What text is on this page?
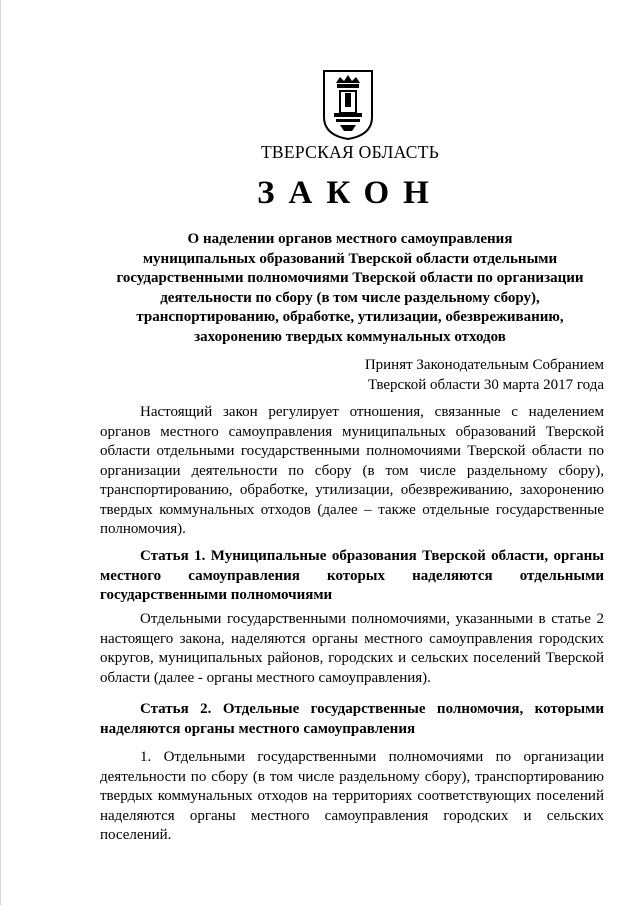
ТВЕРСКАЯ ОБЛАСТЬ
ЗАКОН
О наделении органов местного самоуправления
муниципальных образований Тверской области отдельными
государственными полномочиями Тверской области по организации
деятельности по сбору (в том числе раздельному сбору),
транспортированию, обработке, утилизации, обезвреживанию,
захоронению твердых коммунальных отходов
Принят Законодательным Собранием
Тверской области 30 марта 2017 года
Настоящий закон регулирует отношения, связанные с наделением
органов местного самоуправления муниципальных образований Тверской
области отдельными государственными полномочиями Тверской области по
организации деятельности по сбору (в том числе раздельному сбору),
транспортированию, обработке, утилизации, обезвреживанию, захоронению
твердых коммунальных отходов (далее – также отдельные государственные
полномочия).
Статья 1. Муниципальные образования Тверской области, органы
местного самоуправления которых наделяются отдельными
государственными полномочиями
Отдельными государственными полномочиями, указанными в статье 2
настоящего закона, наделяются органы местного самоуправления городских
округов, муниципальных районов, городских и сельских поселений Тверской
области (далее - органы местного самоуправления).
Статья 2. Отдельные государственные полномочия, которыми
наделяются органы местного самоуправления
1. Отдельными государственными полномочиями по организации
деятельности по сбору (в том числе раздельному сбору), транспортированию
твердых коммунальных отходов на территориях соответствующих поселений
наделяются органы местного самоуправления городских и сельских
поселений.
